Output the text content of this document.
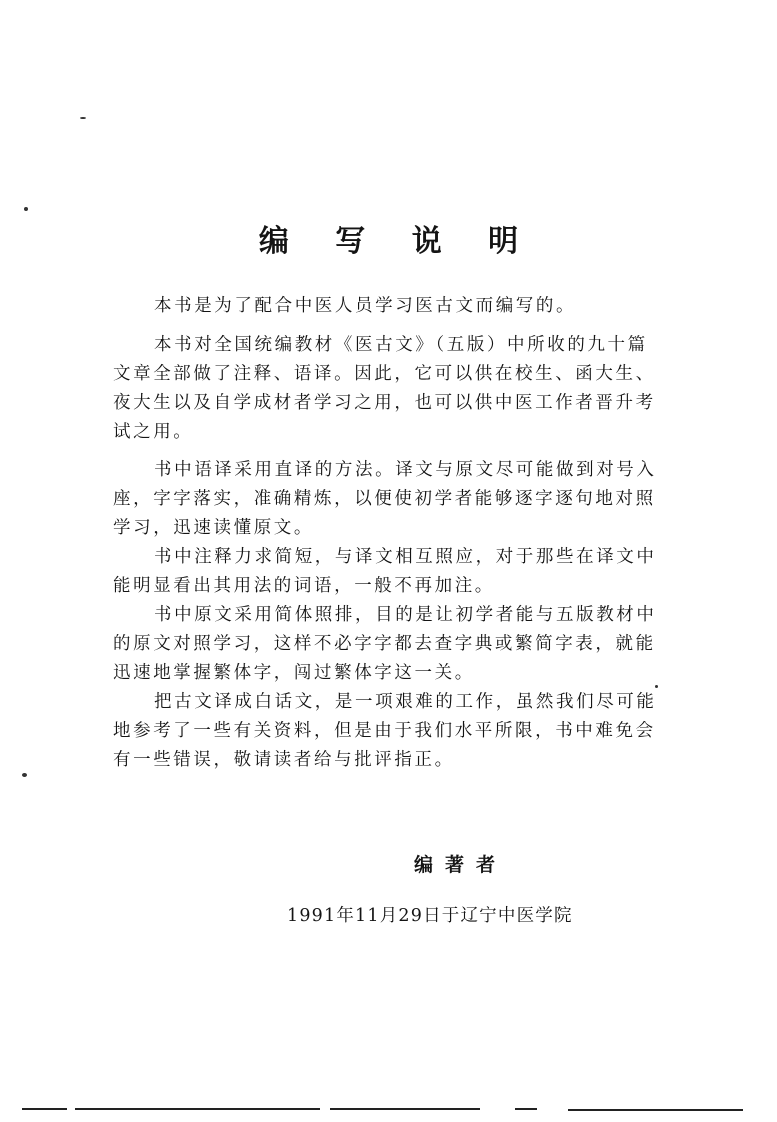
编 写 说 明
本书是为了配合中医人员学习医古文而编写的。
本书对全国统编教材《医古文》（五版）中所收的九十篇
文章全部做了注释、语译。因此，它可以供在校生、函大生、
夜大生以及自学成材者学习之用，也可以供中医工作者晋升考
试之用。
书中语译采用直译的方法。译文与原文尽可能做到对号入
座，字字落实，准确精炼，以便使初学者能够逐字逐句地对照
学习，迅速读懂原文。
书中注释力求简短，与译文相互照应，对于那些在译文中
能明显看出其用法的词语，一般不再加注。
书中原文采用简体照排，目的是让初学者能与五版教材中
的原文对照学习，这样不必字字都去查字典或繁简字表，就能
迅速地掌握繁体字，闯过繁体字这一关。
把古文译成白话文，是一项艰难的工作，虽然我们尽可能
地参考了一些有关资料，但是由于我们水平所限，书中难免会
有一些错误，敬请读者给与批评指正。
编著者
1991年11月29日于辽宁中医学院
